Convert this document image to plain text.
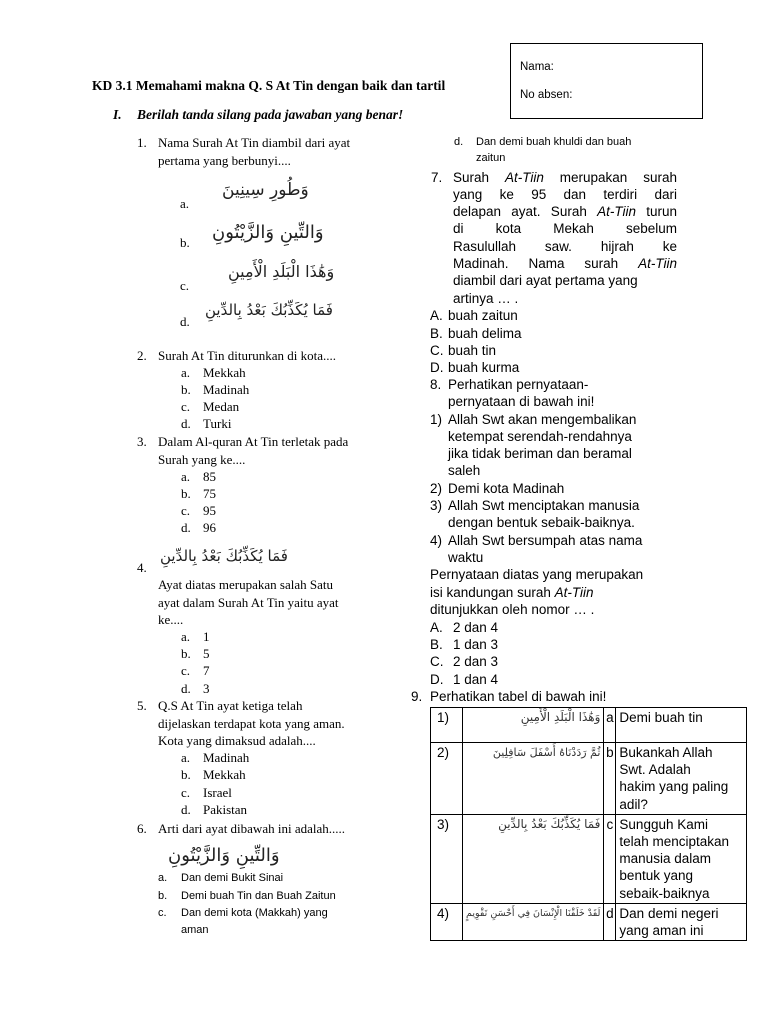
Nama:
No absen:
KD 3.1 Memahami makna Q. S At Tin dengan baik dan tartil
I. Berilah tanda silang pada jawaban yang benar!
1. Nama Surah At Tin diambil dari ayat
pertama yang berbunyi....
a.
وَطُورِ سِينِينَ
b. وَالتِّينِ وَالزَّيْتُونِ
c.
وَهَٰذَا الْبَلَدِ الْأَمِينِ
d.
فَمَا يُكَذِّبُكَ بَعْدُ بِالدِّينِ
2. Surah At Tin diturunkan di kota....
a. Mekkah
b. Madinah
c. Medan
d. Turki
3. Dalam Al-quran At Tin terletak pada
Surah yang ke....
a. 85
b. 75
c. 95
d. 96
4.
فَمَا يُكَذِّبُكَ بَعْدُ بِالدِّينِ
Ayat diatas merupakan salah Satu
ayat dalam Surah At Tin yaitu ayat
ke....
a. 1
b. 5
c. 7
d. 3
5. Q.S At Tin ayat ketiga telah
dijelaskan terdapat kota yang aman.
Kota yang dimaksud adalah....
a. Madinah
b. Mekkah
c. Israel
d. Pakistan
6. Arti dari ayat dibawah ini adalah.....
وَالتِّينِ وَالزَّيْتُونِ
a. Dan demi Bukit Sinai
b. Demi buah Tin dan Buah Zaitun
c. Dan demi kota (Makkah) yang
aman
d. Dan demi buah khuldi dan buah
zaitun
7. Surah At-Tiin merupakan surah
yang ke 95 dan terdiri dari
delapan ayat. Surah At-Tiin turun
di kota Mekah sebelum
Rasulullah saw. hijrah ke
Madinah. Nama surah At-Tiin
diambil dari ayat pertama yang
artinya … .
A. buah zaitun
B. buah delima
C. buah tin
D. buah kurma
8. Perhatikan pernyataan-
pernyataan di bawah ini!
1) Allah Swt akan mengembalikan
ketempat serendah-rendahnya
jika tidak beriman dan beramal
saleh
2) Demi kota Madinah
3) Allah Swt menciptakan manusia
dengan bentuk sebaik-baiknya.
4) Allah Swt bersumpah atas nama
waktu
Pernyataan diatas yang merupakan
isi kandungan surah At-Tiin
ditunjukkan oleh nomor … .
A. 2 dan 4
B. 1 dan 3
C. 2 dan 3
D. 1 dan 4
9. Perhatikan tabel di bawah ini!
1)	وَهَٰذَا الْبَلَدِ الْأَمِينِ	a	Demi buah tin

2)	ثُمَّ رَدَدْنَاهُ أَسْفَلَ سَافِلِينَ	b	Bukankah Allah
Swt. Adalah
hakim yang paling
adil?

3)	فَمَا يُكَذِّبُكَ بَعْدُ بِالدِّينِ	c	Sungguh Kami
telah menciptakan
manusia dalam
bentuk yang
sebaik-baiknya

4)	لَقَدْ خَلَقْنَا الْإِنْسَانَ فِي أَحْسَنِ تَقْوِيمٍ	d	Dan demi negeri
yang aman ini
